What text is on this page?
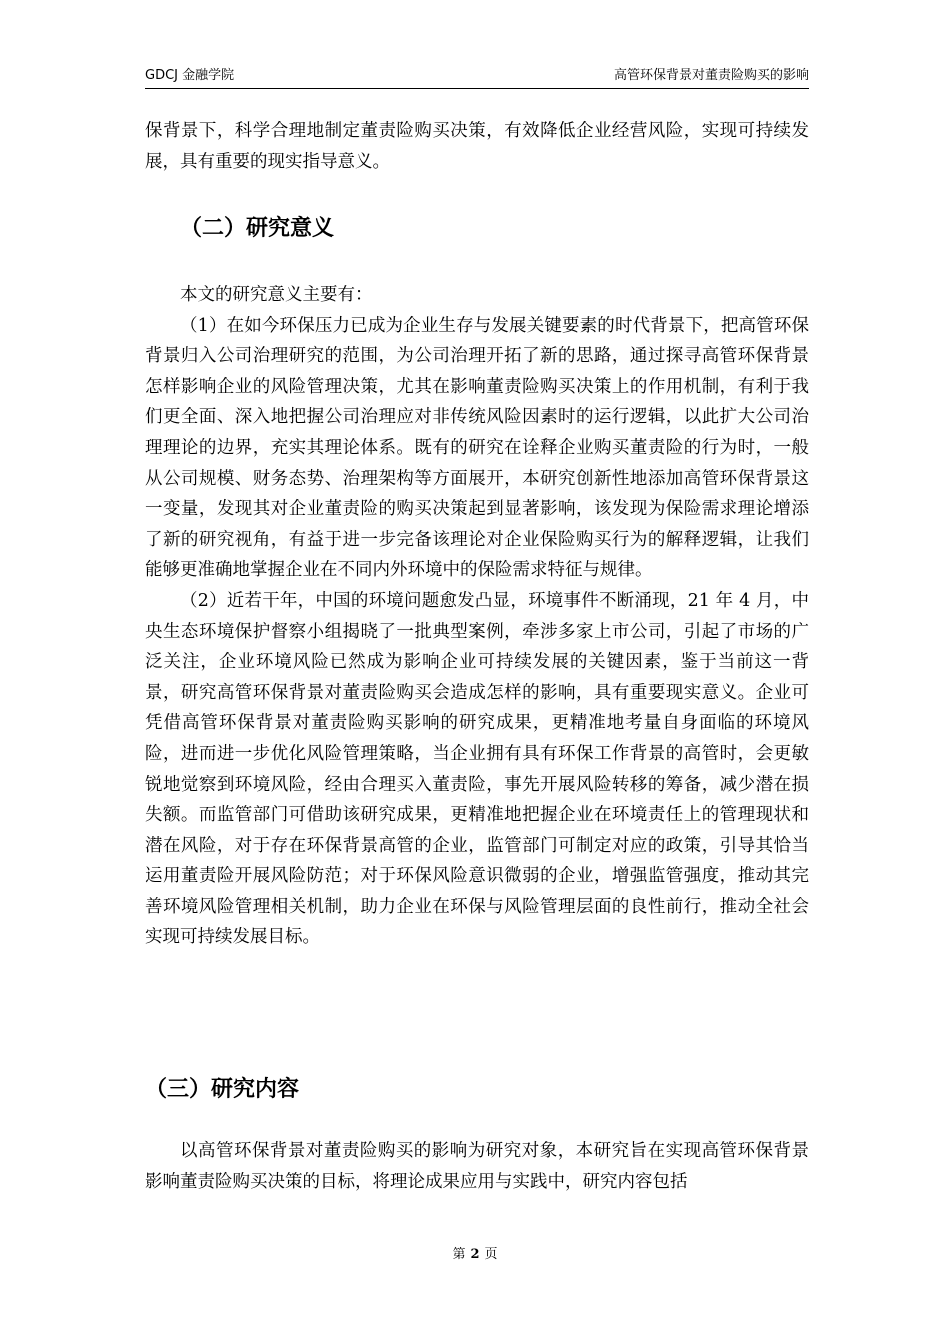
GDCJ 金融学院	高管环保背景对董责险购买的影响

保背景下，科学合理地制定董责险购买决策，有效降低企业经营风险，实现可持续发展，具有重要的现实指导意义。

（二）研究意义

本文的研究意义主要有：

（1）在如今环保压力已成为企业生存与发展关键要素的时代背景下，把高管环保背景归入公司治理研究的范围，为公司治理开拓了新的思路，通过探寻高管环保背景怎样影响企业的风险管理决策，尤其在影响董责险购买决策上的作用机制，有利于我们更全面、深入地把握公司治理应对非传统风险因素时的运行逻辑，以此扩大公司治理理论的边界，充实其理论体系。既有的研究在诠释企业购买董责险的行为时，一般从公司规模、财务态势、治理架构等方面展开，本研究创新性地添加高管环保背景这一变量，发现其对企业董责险的购买决策起到显著影响，该发现为保险需求理论增添了新的研究视角，有益于进一步完备该理论对企业保险购买行为的解释逻辑，让我们能够更准确地掌握企业在不同内外环境中的保险需求特征与规律。

（2）近若干年，中国的环境问题愈发凸显，环境事件不断涌现，21 年 4 月，中央生态环境保护督察小组揭晓了一批典型案例，牵涉多家上市公司，引起了市场的广泛关注，企业环境风险已然成为影响企业可持续发展的关键因素，鉴于当前这一背景，研究高管环保背景对董责险购买会造成怎样的影响，具有重要现实意义。企业可凭借高管环保背景对董责险购买影响的研究成果，更精准地考量自身面临的环境风险，进而进一步优化风险管理策略，当企业拥有具有环保工作背景的高管时，会更敏锐地觉察到环境风险，经由合理买入董责险，事先开展风险转移的筹备，减少潜在损失额。而监管部门可借助该研究成果，更精准地把握企业在环境责任上的管理现状和潜在风险，对于存在环保背景高管的企业，监管部门可制定对应的政策，引导其恰当运用董责险开展风险防范；对于环保风险意识微弱的企业，增强监管强度，推动其完善环境风险管理相关机制，助力企业在环保与风险管理层面的良性前行，推动全社会实现可持续发展目标。

（三）研究内容

以高管环保背景对董责险购买的影响为研究对象，本研究旨在实现高管环保背景影响董责险购买决策的目标，将理论成果应用与实践中，研究内容包括

第 2 页
